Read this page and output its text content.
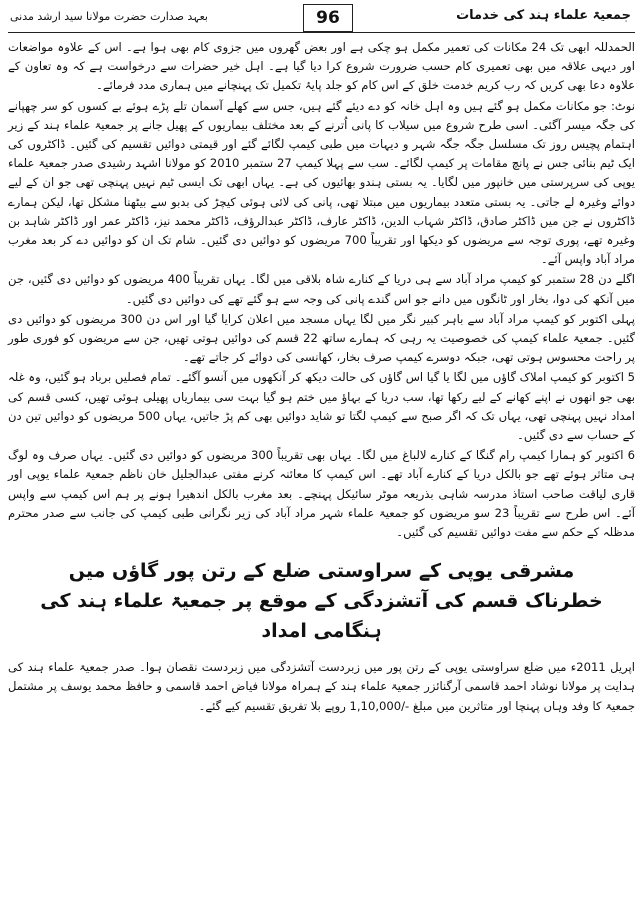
جمعیۃ علماء ہند کی خدمات
96
بعہد صدارت حضرت مولانا سید ارشد مدنی

الحمدللہ ابھی تک 24 مکانات کی تعمیر مکمل ہو چکی ہے اور بعض گھروں میں جزوی کام بھی ہوا ہے۔ اس کے علاوہ مواضعات اور دیہی علاقہ میں بھی تعمیری کام حسب ضرورت شروع کرا دیا گیا ہے۔ اہل خیر حضرات سے درخواست ہے کہ وہ تعاون کے علاوہ دعا بھی کریں کہ رب کریم خدمت خلق کے اس کام کو جلد پایۂ تکمیل تک پہنچانے میں ہماری مدد فرمائے۔

نوٹ: جو مکانات مکمل ہو گئے ہیں وہ اہل خانہ کو دے دیئے گئے ہیں، جس سے کھلے آسمان تلے پڑے ہوئے بے کسوں کو سر چھپانے کی جگہ میسر آگئی۔ اسی طرح شروع میں سیلاب کا پانی اُترنے کے بعد مختلف بیماریوں کے پھیل جانے پر جمعیۃ علماء ہند کے زیر اہتمام پچیس روز تک مسلسل جگہ جگہ شہر و دیہات میں طبی کیمپ لگائے گئے اور قیمتی دوائیں تقسیم کی گئیں۔ ڈاکٹروں کی ایک ٹیم بنائی جس نے پانچ مقامات پر کیمپ لگائے۔ سب سے پہلا کیمپ 27 ستمبر 2010 کو مولانا اشہد رشیدی صدر جمعیۃ علماء یوپی کی سرپرستی میں خانپور میں لگایا۔ یہ بستی ہندو بھائیوں کی ہے۔ یہاں ابھی تک ایسی ٹیم نہیں پہنچی تھی جو ان کے لیے دوائے وغیرہ لے جاتی۔ یہ بستی متعدد بیماریوں میں مبتلا تھی، پانی کی لائی ہوئی کیچڑ کی بدبو سے بیٹھنا مشکل تھا، لیکن ہمارے ڈاکٹروں نے جن میں ڈاکٹر صادق، ڈاکٹر شہاب الدین، ڈاکٹر عارف، ڈاکٹر عبدالرؤف، ڈاکٹر محمد نیز، ڈاکٹر عمر اور ڈاکٹر شاہد بن وغیرہ تھے، پوری توجہ سے مریضوں کو دیکھا اور تقریباً 700 مریضوں کو دوائیں دی گئیں۔ شام تک ان کو دوائیں دے کر بعد مغرب مراد آباد واپس آئے۔

اگلے دن 28 ستمبر کو کیمپ مراد آباد سے ہی دریا کے کنارے شاہ بلاقی میں لگا۔ یہاں تقریباً 400 مریضوں کو دوائیں دی گئیں، جن میں آنکھ کی دوا، بخار اور ٹانگوں میں دانے جو اس گندے پانی کی وجہ سے ہو گئے تھے کی دوائیں دی گئیں۔

پہلی اکتوبر کو کیمپ مراد آباد سے باہر کبیر نگر میں لگا یہاں مسجد میں اعلان کرایا گیا اور اس دن 300 مریضوں کو دوائیں دی گئیں۔ جمعیۃ علماء کیمپ کی خصوصیت یہ رہی کہ ہمارے ساتھ 22 قسم کی دوائیں ہوتی تھیں، جن سے مریضوں کو فوری طور پر راحت محسوس ہوتی تھی، جبکہ دوسرے کیمپ صرف بخار، کھانسی کی دوائے کر جاتے تھے۔

5 اکتوبر کو کیمپ املاک گاؤں میں لگا یا گیا اس گاؤں کی حالت دیکھ کر آنکھوں میں آنسو آگئے۔ تمام فصلیں برباد ہو گئیں، وہ غلہ بھی جو انھوں نے اپنے کھانے کے لیے رکھا تھا، سب دریا کے بہاؤ میں ختم ہو گیا بہت سی بیماریاں پھیلی ہوئی تھیں، کسی قسم کی امداد نہیں پہنچی تھی، یہاں تک کہ اگر صبح سے کیمپ لگتا تو شاید دوائیں بھی کم پڑ جاتیں، یہاں 500 مریضوں کو دوائیں تین دن کے حساب سے دی گئیں۔

6 اکتوبر کو ہمارا کیمپ رام گنگا کے کنارے لالباغ میں لگا۔ یہاں بھی تقریباً 300 مریضوں کو دوائیں دی گئیں۔ یہاں صرف وہ لوگ ہی متاثر ہوئے تھے جو بالکل دریا کے کنارے آباد تھے۔ اس کیمپ کا معائنہ کرنے مفتی عبدالجلیل خان ناظم جمعیۃ علماء یوپی اور قاری لیاقت صاحب استاذ مدرسہ شاہی بذریعہ موٹر سائیکل پہنچے۔ بعد مغرب بالکل اندھیرا ہونے پر ہم اس کیمپ سے واپس آئے۔ اس طرح سے تقریباً 23 سو مریضوں کو جمعیۃ علماء شہر مراد آباد کی زیر نگرانی طبی کیمپ کی جانب سے صدر محترم مدظلہ کے حکم سے مفت دوائیں تقسیم کی گئیں۔

مشرقی یوپی کے سراوستی ضلع کے رتن پور گاؤں میں
خطرناک قسم کی آتشزدگی کے موقع پر جمعیۃ علماء ہند کی ہنگامی امداد

اپریل 2011ء میں ضلع سراوستی یوپی کے رتن پور میں زبردست آتشزدگی میں زبردست نقصان ہوا۔ صدر جمعیۃ علماء ہند کی ہدایت پر مولانا نوشاد احمد قاسمی آرگنائزر جمعیۃ علماء ہند کے ہمراہ مولانا فیاض احمد قاسمی و حافظ محمد یوسف پر مشتمل جمعیۃ کا وفد وہاں پہنچا اور متاثرین میں مبلغ -/1,10,000 روپے بلا تفریق تقسیم کیے گئے۔
